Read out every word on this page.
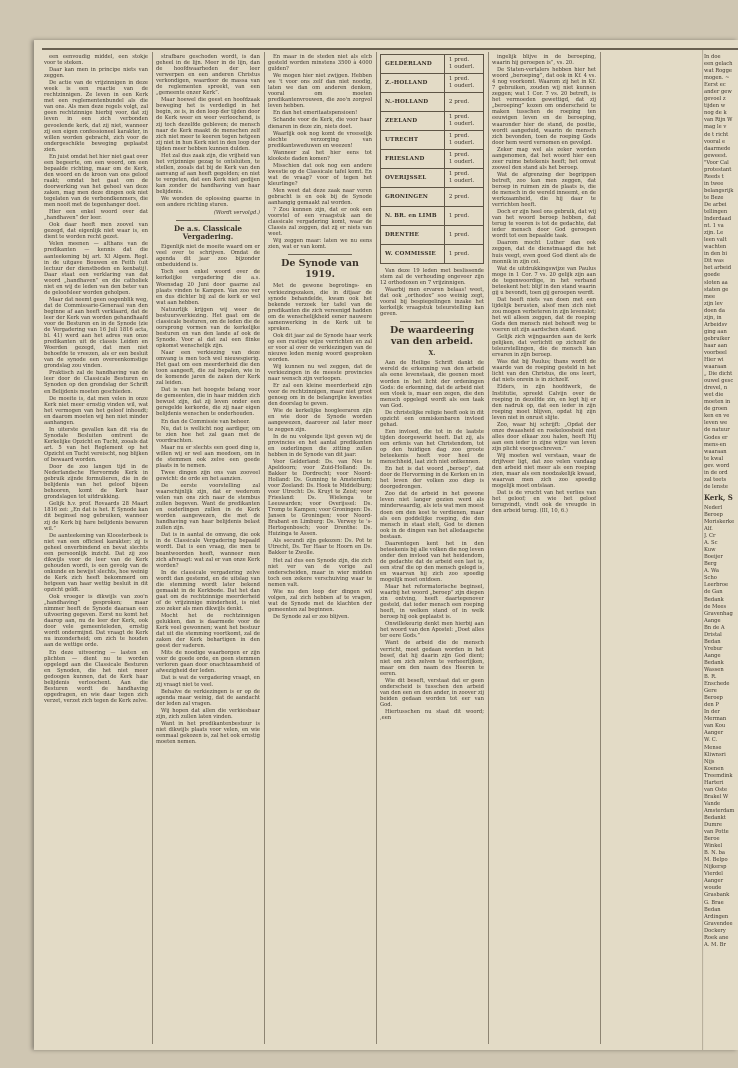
een eenvoudig middel, een stokje voor te steken.

Daar kan men in principe niets van zeggen.

De actie van de vrijzinnigen in deze week is een reactie van de rechtzinnigen. Ze leven in een Kerk met een reglementenbundel als die van ons. Als men deze regels volgt, zal geen rechtzinnige hierbij voor, dat zij leven in een zich verbonden gevoelende kerk, dat zij niet, wanneer zij een eigen confessioneel karakter, in willen worden gebracht, zich voor de ondergeschikte beweging geplaatst zien.

En juist omdat het hier niet gaat over een begeerte, om een woord, om een bepaalde richting, maar om de Kerk, den woord en de kroon van ons geloof raakt; omdat het gaat om de doorwerking van het geheel van deze zaken, mag men deze dingen ook niet tegelaten van de verbondkenmers, die men nooit met de tegenhanger doet.

Hier een enkel woord over dat „handhaven” der leer.

Ook daar heeft men zoovel van gezegd, dat eigenlijk niet waar is, en dient te worden recht gezet.

Velen meenen — althans van de predikanten — kennis dat die aanteekening bij art. XI Algem. Regl. in de uitgave Bouwen en Feith (uit lectuur der dienstboden en kenbatij). Daar staat een verklaring van dat woord „handhaven” en die catholiek niet en wij de leden van den beter van de geloofsleer worden geholpen.

Maar dat neemt geen oogenblik weg, dat de Commissarie-Generaal van den beginne af aan heeft verklaard, dat de leer der Kerk van worden gehandhaafd voor de Besturen en in de Synode (zie de Vergadering van 16 Juli 1816 acta, bl. 41) werd aan het adres van onze predikanten uit de classis Leiden en Woerden gezegd, dat men niet behoefde te vreezen, als er een besluit van de synode een overeenkomstige grondslag zou vinden.

Praktisch zal de handhaving van de leer door de Classicale Besturen en Synoden op den grondslag der Schrift en Belijdenis moeten geschieden.

De moeite is, dat men velen in onze Kerk niet meer ernstig vinden wil, wat het vermogen van het geloof inhoudt; en daarom moeten wij hen niet minder aanhangen.

In uiterste gevallen kan dit via de Synodale Besluiten omtrent de Kerkelijke Opzicht en Tucht, zooals dat art. 5 van het Reglement op het Opzicht en Tucht vereischt, nog blijken of bewaard worden.

Door de zoo langen tijd in de Nederlandsche Hervormde Kerk in gebruik zijnde formulieren, die in de belijdenis van het geloof bijeen behooren, komt de Kerk haar grondslagen tot uitdrukking.

Gelijk h.v. prof. Rovaards 28 Maart 1816 zei: „En dat is het. E Synode kan dit beginsel nog gebruiken, wanneer zij de Kerk bij hare belijdenis bewaren wil.”

De aanteekening van Kloosterbeek is niet van een officieel karakter; zij is geheel onverbindend en bevat slechts een persoonlijk inzicht. Dat zij zoo dikwijls voor de leer van de Kerk gehouden wordt, is een gevolg van de onkunde en bewijst slechts, hoe weinig de Kerk zich heeft bekommerd om hetgeen van haar wettig besluit in dit opzicht geldt.

Ook vroeger is dikwijls van zoo'n „handhaving” gesproken; maar nimmer heeft de Synode daaraan een uitvoering gegeven. Eerst nu komt het daarop aan, nu de leer der Kerk, ook door vele gemeenteleden, ernstig wordt ondermijnd. Dat vraagt de Kerk nu inzonderheid; om zich te houden aan de wettige orde.

En deze uitvoering — lasten en plichten — dient nu te worden opgelegd aan die Classicale Besturen en Synoden, die het niet meer gedoogen kunnen, dat de Kerk haar belijdenis verloochent. Aan die Besturen wordt de handhaving opgedragen, en wie daar tegen zich verzet, verzet zich tegen de Kerk zelve.

strafbare geschoden wordt, is dan geheel in de lijn. Meer in de lijn, dan de hoofdwaarheden der leer verwerpen en een anderen Christus verkondigen, waardoor de massa van de reglementen spreekt, van een „gemeente onzer Kerk”.

Maar hoewel die geest en hoofdzaak beweging het is verdedigd in het begin, ze is, in den loop der tijden door de Kerk weer en weer verloochend, is zij toch dezelfde gebleven; de mensch naar de Kerk maakt de menschen zelf zich niet meer te keeren tegen hetgeen zij niet in hun Kerk niet in den loop der tijden meer hebben kunnen dulden.

Het zal dus zaak zijn, die vrijheid van het vrijzinnige gezag te ontsluiten, te stellen, zooals dat bij de Kerk van den aanvang af aan heeft gegolden; en niet te vergeten, dat een Kerk niet gedijen kan zonder de handhaving van haar belijdenis.

We wonden de oplossing gaarne in een andere richting sturen.

(Wordt vervolgd.)

De a.s. Classicale Vergadering.

Eigenlijk niet de moeite waard om er veel over te schrijven. Omdat de agenda dit jaar zoo bijzonder onbeduidend is.

Toch een enkel woord over de kerkelijke vergadering die a.s. Woensdag 20 Juni door gaarne zal plaats vinden te Kampen. Van zoo ver en dus dichter bij zal de kerk er wel wat aan hebben.

Natuurlijk krijgen wij weer de bestuursverkiezing. Het gaat om de classicale besturen, om de leden die de oorsprong vormen van de kerkelijke besturen en van den lande af ook de Synode. Voor al dat zal een flinke opkomst wenschelijk zijn.

Naar een verkiezing van deze omvang is men toch wel nieuwsgierig. Het gaat om een meerderheid die den toon aangeeft, die zal bepalen, wie in de komende jaren de zaken der Kerk zal leiden.

Dat is van het hoogste belang voor de gemeenten, die in haar midden zich bewust zijn, dat zij leven onder een geregelde kerkorde, die zij naar eigen belijdenis wenschen te onderhouden.

En dan de Commissie van beheer.

Nu, dat is wellicht nog aardiger, om te zien hoe het zal gaan met de voordrachten.

Maar nu er slechts een goed ding is, willen wij er wel aan meedoen, om in de stemmen ook zelve een goede plaats in te nemen.

Twee dingen zijn ons van zooveel gewicht: de orde en het aanzien.

De eerste voorstelling zal waarschijnlijk zijn, dat er wederom velen van ons zich naar de stembus zullen begeven. Want de predikanten en ouderlingen zullen in de Kerk worden aangewezen, die met de handhaving van haar belijdenis belast zullen zijn.

Dat is in aantal de omvang, die ook in de Classicale Vergadering bepaald wordt. Dat is een vraag, die men te beantwoorden heeft, wanneer men zich afvraagt: wat zal er van onze Kerk worden?

In de classicale vergadering zelve wordt dan gestemd, en de uitslag van die stemming wordt later bekend gemaakt in de Kerkbode. Dat het dan gaat om de rechtzinnige meerderheid of de vrijzinnige minderheid, is niet zoo zeker als men dikwijls denkt.

Mocht het de rechtzinnigen gelukken, dan is daarmede voor de Kerk veel gewonnen; want het bestuur dat uit die stemming voortkomt, zal de zaken der Kerk behartigen in den geest der vaderen.

Mits de noodige waarborgen er zijn voor de goede orde, en geen stemmen verloren gaan door onachtzaamheid of afwezigheid der leden.

Dat is wat de vergadering vraagt, en zij vraagt niet te veel.

Behalve de verkiezingen is er op de agenda maar weinig, dat de aandacht der leden zal vragen.

Wij hopen dat allen die verkiesbaar zijn, zich zullen laten vinden.

Want in het predikantenbestuur is niet dikwijls plaats voor velen, en wie eenmaal gekozen is, zal het ook ernstig moeten nemen.

En maar in de steden niet als elcb gesteld worden minstens 3500 à 4000 gulden?

We mogen hier niet zwijgen. Hebben we 't voor ons zelf dan niet noodig, laten we dan om anderen denken, vooral om moeten predikantenvrouwen, die zoo'n zorgvol leven hebben.

En dan het emeritaatspensioen!

Schande voor de Kerk, die voor haar dienaren in deze zin, niets doet.

Waarlijk ook nog komt de vreeselijk slechte verzorging van predikantsweduwen en weezen!

Wanneer zal het hier eens tot klookste daden komen?

Misschien dat ook nog een andere kwestie op de Classicale tafel komt. En wat de vraag? voor of tegen het kleurlinge?

Men weet dat deze zaak naar voren gebracht is en ook bij de Synode aanhangig gemaakt zal worden.

? Zou kunnen zijn, dat er ook een voorstel of een vraagstuk aan de classicale vergadering komt, waar de Classis zal zeggen, dat zij er niets van weet.

Wij zeggen maar: laten we nu eens zien, wat er van komt.

De Synode van 1919.

Met de gewone begrotings- en verkiezingszaken, die in ditjaar de synode behandelde, kwam ook het bekende verzoek ter tafel van de predikanten die zich vereenigd hadden om de wenschelijkheid eener nauwere samenwerking in de Kerk uit te spreken.

Ook dit jaar zal de Synode haar werk op een rustige wijze verrichten en zal er voor al over de verkiezingen van de nieuwe leden menig woord gesproken worden.

Wij kunnen nu wel zeggen, dat de verkiezingen in de meeste provincies naar wensch zijn verloopen.

Er zal een kleine meerderheid zijn voor de rechtzinnigen, maar niet groot genoeg om in de belangrijke kwesties den doorslag te geven.

Wie de kerkelijke hoogleeraren zijn en wie door de Synode worden aangewezen, daarover zal later meer te zeggen zijn.

In de nu volgende lijst geven wij de provincies en het aantal predikanten en ouderlingen die zitting zullen hebben in de Synode van dit jaar:

Voor Gelderland: Ds. van Nes te Apeldoorn; voor Zuid-Holland: Ds. Bakker te Dordrecht; voor Noord-Holland: Ds. Gunning te Amsterdam; voor Zeeland: Ds. Hoek te Middelburg; voor Utrecht: Ds. Kruyt te Zeist; voor Friesland: Ds. Wielenga te Leeuwarden; voor Overijssel: Ds. Tromp te Kampen; voor Groningen: Ds. Jansen te Groningen; voor Noord-Brabant en Limburg: Ds. Verwey te 's-Hertogenbosch; voor Drenthe: Ds. Huizinga te Assen.

Als secundi zijn gekozen: Ds. Pot te Utrecht, Ds. Ter Haar te Hoorn en Ds. Bakker te Zwolle.

Het zal dus een Synode zijn, die zich niet ver van de vorige zal onderscheiden, maar in wier midden toch een zekere verschuiving waar te nemen valt.

Wie nu den loop der dingen wil volgen, zal zich hebben af te vragen, wat de Synode met de klachten der gemeenten zal beginnen.

De Synode zal er zoo blijven.

GELDERLAND	1 pred.
1 ouderl.
Z.-HOLLAND	1 pred.
1 ouderl.
N.-HOLLAND	2 pred.
ZEELAND	1 pred.
1 ouderl.
UTRECHT	1 pred.
1 ouderl.
FRIESLAND	1 pred.
1 ouderl.
OVERIJSSEL	1 pred.
1 ouderl.
GRONINGEN	2 pred.
N. BR. en LIMB	1 pred.
DRENTHE	1 pred.
W. COMMISSIE	1 pred.

Van deze 19 leden met beslissende stem zal de verhouding ongeveer zijn 12 orthodoxen en 7 vrijzinnigen.

Waarbij men ervaren belaas! weet, dat ook „orthodox” soo weinig zegt, vooral bij bespiegelingen inzake het kerkelijk vraagstuk teleurstelling kan geven.

De waardeering van den arbeid.

X.

Aan de Heilige Schrift dankt de wereld de erkenning van den arbeid als eene levenstaak, die geenen moet worden in het licht der ordeningen Gods: de erkenning, dat de arbeid niet een vloek is, maar een zegen, die den mensch opgelegd wordt als een taak van God.

De christelijke religie heeft ook in dit opzicht een onmiskenbaren invloed gehad.

Een invloed, die tot in de laatste tijden doorgewerkt heeft. Dat zij, als een erfenis van het Christendom, tot op den huidigen dag zoo groote beteekenis heeft voor heel de menschheid, laat zich niet ontkennen.

En het is dat woord „beroep”, dat door de Hervorming in de Kerken en in het leven der volken zoo diep is doorgedrongen.

Zoo dat de arbeid in het gewone leven niet langer gezien werd als minderwaardig, als iets wat men moest doen om den kost te verdienen, maar als een goddelijke roeping, die den mensch in staat stelt, God te dienen ook in de dingen van het alledaagsche bestaan.

Daarentegen kent het in den beteekenis bij alle volken die nog leven onder den invloed van het heidendom, de gedachte dat de arbeid een last is, een straf die op den mensch gelegd is, en waarvan hij zich zoo spoedig mogelijk moet ontdoen.

Maar het reformatorische beginsel, waarbij het woord „beroep” zijn diepen zin ontving, heeft daartegenover gesteld, dat ieder mensch een roeping heeft, in welken stand of in welk beroep hij ook geplaatst is.

Onwillekeurig denkt men hierbij aan het woord van den Apostel: „Doet alles ter eere Gods.”

Want de arbeid die de mensch verricht, moet gedaan worden in het besef, dat hij daarin zijn God dient; niet om zich zelven te verheerlijken, maar om den naam des Heeren te eeren.

Wie dit beseft, verstaat dat er geen onderscheid is tusschen den arbeid van den een en den ander, in zoover zij beiden gedaan worden tot eer van God.

Hiertusschen nu staat dit woord; ,een

ingelijk blijve in de beroeping, waarin hij geroepen is”, vs. 20.

De Staten-vertalers hebben hier het woord „beroeping”, dat ook in Kf. 4 vs. 4 nog voorkomt. Waarom zij het in Kf. 7 gebruiken, zouden wij niet kunnen zeggen; wat 1 Cor. 7 vs. 20 betreft, is het vermoeden gewettigd, dat zij „beroeping” kozen om onderscheid te maken tusschen de roeping ten eeuwigen leven en de beroeping, waaronder hier de stand, de positie, wordt aangeduid, waarin de mensch zich bevonden, toen de roeping Gods door hem werd vernomen en gevolgd.

Zeker mag wel als zeker worden aangenomen, dat het woord hier een zeer ruime betekenis heeft; het omvat zoowel den stand als het beroep.

Wat de afgrenzing der begrippen betreft, zoo kan men zeggen, dat beroep in ruimen zin de plaats is, die de mensch in de wereld inneemt, en de werkzaamheid, die hij daar te verrichten heeft.

Doch er zijn heel ons gebruik, dat wij van het woord beroep hebben, dat terug te voeren is tot de gedachte, dat ieder mensch door God geroepen wordt tot een bepaalde taak.

Daarom mocht Luther dan ook zeggen, dat de dienstmaagd die het huis veegt, even goed God dient als de monnik in zijn cel.

Wat de uitdrukkingswijze van Paulus moge in 1 Cor. 7 vs. 20 gelijk zijn aan de tegenwoordige, in het verband beteekent het: blijf in den stand waarin gij u bevondt, toen gij geroepen werdt.

Dat heeft niets van doen met een lijdelijk berusten, alsof men zich niet zou mogen verbeteren in zijn levenslot; het wil alleen zeggen, dat de roeping Gods den mensch niet behoeft weg te voeren uit zijn aardschen stand.

Gelijk zich wijngaarden aan de kerk gelijken, dat verlichtt op zichzelf de teleurstellingen, die de mensch kan ervaren in zijn beroep.

Was dat bij Paulus; thans wordt de waarde van de roeping gesteld in het licht van den Christus, die ons leert, dat niets onrein is in zichzelf.

Elders, in zijn hoofdwerk, de Institutie, spreekt Calvijn over de roeping in dezelfde zin, en legt hij er den nadruk op, dat een ieder in zijn roeping moet blijven, opdat hij zijn leven niet in onrust slijte.

Zoo, waar hij schrijft: „Opdat der onze dwaasheid en roekeloosheid niet alles door elkaar zou halen, heeft Hij aan een ieder in zijne wijze van leven zijn plicht voorgeschreven.”

Wij moeten wel verstaan, waar de drijfveer ligt, dat zoo velen vandaag den arbeid niet meer als een roeping zien, maar als een noodzakelijk kwaad, waarvan men zich zoo spoedig mogelijk moet ontslaan.

Dat is de vrucht van het verlies van het geloof; en wie het geloof terugvindt, vindt ook de vreugde in den arbeid terug. (III, 10, 6.)

In doe

een gelach

wat Rogge

mogen. ~

Eerst ec

ander gew

gevoel z

tijden w

nog de k

van Rijn W

mag le v

de t richt

vooral e

daarmede

geweest.

"Voor Cal

protestant

Reeds t

in twee

belangsrijk

te Beze

De arbei

tellingen

Inderdaad

nt. 1 va

zijn. Le

leen valt

wachten

in den bi

Dit was

het arbeid

goede

sloten aa

staten ge

mee

zijn lev

doen da

zijn, in

Arbeidsv

ging aan

gebruiker

haar aan

voorbeel

Hier wi

waaraan

„ Die dicht

ouwel gesc

drevel, n

wet die

moeten in

de groen

ken en ve

leven we

de natuur

Godes er

mens-en

waaraan

te kwal

gev. word

in de ord

zal teets

de lenste

Kerk, S

Nederl

Beroep

Moriskerke

Alf.

J. Cr

A. Sc

Kuw

Boeijer

Berg

A. Wa

Scho

Leerbroe

de Gan

Bedank

de Mees

Gravenhag

Aange

Bn de A

Dristal

Bedan

Vrebur

Aange

Bedank

Wassen

B. R.

Enschede

Gere

Beroep

den P

In der

Merman

van Kou

Aanger

W. C.

Mense

Kliwnsri

Nijs

Koenen

Treemdink

Harteri

van Oste

Brakel W

Vande

Amsterdam

Bedankt

Dumre

van Potte

Beroe

Winkel

B. N. ba

M. Belpo

Nijkersp

Vierdel

Aanger

woude

Grasbank

G. Brae

Bedan

Ardingen

Gravendee

Dockery

Roek ane

A. M. Br
